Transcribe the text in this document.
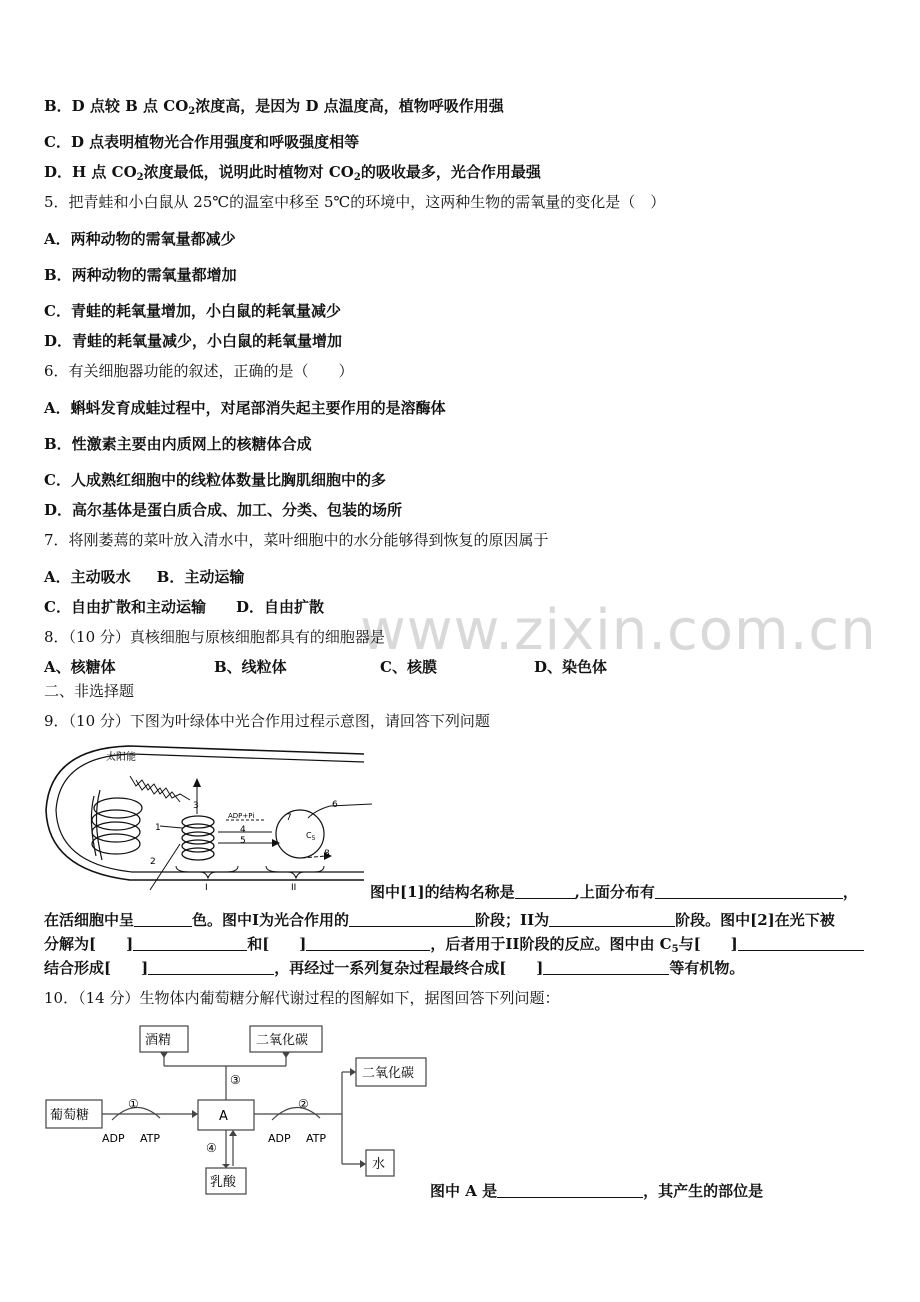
www.zixin.com.cn
B．D 点较 B 点 $CO_2$浓度高，是因为 D 点温度高，植物呼吸作用强
C．D 点表明植物光合作用强度和呼吸强度相等
D．H 点 $CO_2$浓度最低，说明此时植物对 $CO_2$的吸收最多，光合作用最强
5．把青蛙和小白鼠从 25℃的温室中移至 5℃的环境中，这两种生物的需氧量的变化是（　）
A．两种动物的需氧量都减少
B．两种动物的需氧量都增加
C．青蛙的耗氧量增加，小白鼠的耗氧量减少
D．青蛙的耗氧量减少，小白鼠的耗氧量增加
6．有关细胞器功能的叙述，正确的是（　　）
A．蝌蚪发育成蛙过程中，对尾部消失起主要作用的是溶酶体
B．性激素主要由内质网上的核糖体合成
C．人成熟红细胞中的线粒体数量比胸肌细胞中的多
D．高尔基体是蛋白质合成、加工、分类、包装的场所
7．将刚萎蔫的菜叶放入清水中，菜叶细胞中的水分能够得到恢复的原因属于
A．主动吸水 B．主动运输
C．自由扩散和主动运输 D．自由扩散
8．（10 分）真核细胞与原核细胞都具有的细胞器是
A、核糖体	B、线粒体	C、核膜	D、染色体
二、非选择题
9．（10 分）下图为叶绿体中光合作用过程示意图，请回答下列问题
太阳能
1
2
3
4
5
6
7
8
ADP+Pi
$C_5$
I	II	图中[1]的结构名称是	,上面分布有	，
在活细胞中呈	色。图中I为光合作用的	阶段；II为	阶段。图中[2]在光下被
分解为[　　]	和[　　]	，后者用于II阶段的反应。图中由 $C_5$与[　　]
结合形成[　　]	，再经过一系列复杂过程最终合成[　　]	等有机物。
10．（14 分）生物体内葡萄糖分解代谢过程的图解如下，据图回答下列问题：
酒精	二氧化碳
葡萄糖	A
二氧化碳
水
乳酸
①	②
③
④
ADP ATP	ADP ATP
图中 A 是	，其产生的部位是
